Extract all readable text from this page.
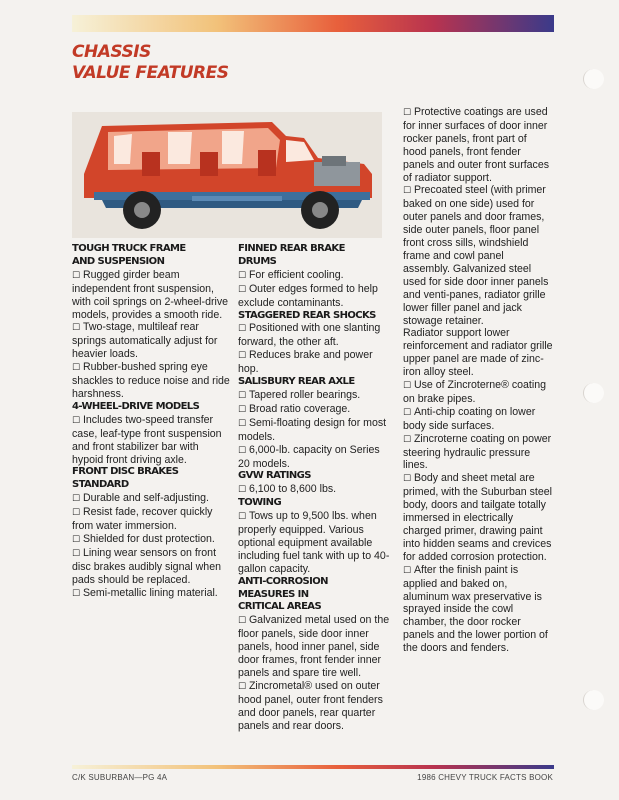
CHASSIS
VALUE FEATURES

TOUGH TRUCK FRAME

AND SUSPENSION

☐ Rugged girder beam independent front suspension, with coil springs on 2-wheel-drive models, provides a smooth ride.

☐ Two-stage, multileaf rear springs automatically adjust for heavier loads.

☐ Rubber-bushed spring eye shackles to reduce noise and ride harshness.

4-WHEEL-DRIVE MODELS

☐ Includes two-speed transfer case, leaf-type front suspension and front stabilizer bar with hypoid front driving axle.

FRONT DISC BRAKES

STANDARD

☐ Durable and self-adjusting.

☐ Resist fade, recover quickly from water immersion.

☐ Shielded for dust protection.

☐ Lining wear sensors on front disc brakes audibly signal when pads should be replaced.

☐ Semi-metallic lining material.

FINNED REAR BRAKE

DRUMS

☐ For efficient cooling.

☐ Outer edges formed to help exclude contaminants.

STAGGERED REAR SHOCKS

☐ Positioned with one slanting forward, the other aft.

☐ Reduces brake and power hop.

SALISBURY REAR AXLE

☐ Tapered roller bearings.

☐ Broad ratio coverage.

☐ Semi-floating design for most models.

☐ 6,000-lb. capacity on Series 20 models.

GVW RATINGS

☐ 6,100 to 8,600 lbs.

TOWING

☐ Tows up to 9,500 lbs. when properly equipped. Various optional equipment available including fuel tank with up to 40-gallon capacity.

ANTI-CORROSION

MEASURES IN

CRITICAL AREAS

☐ Galvanized metal used on the floor panels, side door inner panels, hood inner panel, side door frames, front fender inner panels and spare tire well.

☐ Zincrometal® used on outer hood panel, outer front fenders and door panels, rear quarter panels and rear doors.

☐ Protective coatings are used for inner surfaces of door inner rocker panels, front part of hood panels, front fender panels and outer front surfaces of radiator support.

☐ Precoated steel (with primer baked on one side) used for outer panels and door frames, side outer panels, floor panel front cross sills, windshield frame and cowl panel assembly. Galvanized steel used for side door inner panels and venti-panes, radiator grille lower filler panel and jack stowage retainer.

Radiator support lower reinforcement and radiator grille upper panel are made of zinc-iron alloy steel.

☐ Use of Zincroterne® coating on brake pipes.

☐ Anti-chip coating on lower body side surfaces.

☐ Zincroterne coating on power steering hydraulic pressure lines.

☐ Body and sheet metal are primed, with the Suburban steel body, doors and tailgate totally immersed in electrically charged primer, drawing paint into hidden seams and crevices for added corrosion protection.

☐ After the finish paint is applied and baked on, aluminum wax preservative is sprayed inside the cowl chamber, the door rocker panels and the lower portion of the doors and fenders.

C/K SUBURBAN—PG 4A	1986 CHEVY TRUCK FACTS BOOK
